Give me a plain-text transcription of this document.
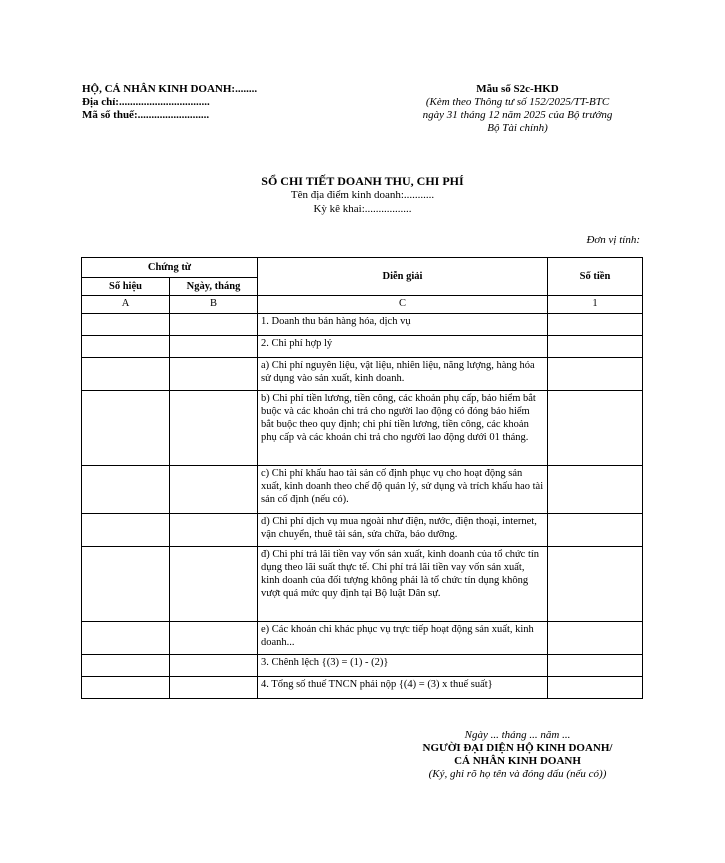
HỘ, CÁ NHÂN KINH DOANH:........
Địa chỉ:.................................
Mã số thuế:..........................
Mẫu số S2c-HKD
(Kèm theo Thông tư số 152/2025/TT-BTC
ngày 31 tháng 12 năm 2025 của Bộ trưởng
Bộ Tài chính)
SỔ CHI TIẾT DOANH THU, CHI PHÍ
Tên địa điểm kinh doanh:...........
Kỳ kê khai:.................
Đơn vị tính:
Chứng từ		Diễn giải	Số tiền
Số hiệu	Ngày, tháng		
A	B	C	1
		1. Doanh thu bán hàng hóa, dịch vụ	
		2. Chi phí hợp lý	
		a) Chi phí nguyên liệu, vật liệu, nhiên liệu, năng lượng, hàng hóa sử dụng vào sản xuất, kinh doanh.	
		b) Chi phí tiền lương, tiền công, các khoản phụ cấp, bảo hiểm bắt buộc và các khoản chi trả cho người lao động có đóng bảo hiểm bắt buộc theo quy định; chi phí tiền lương, tiền công, các khoản phụ cấp và các khoản chi trả cho người lao động dưới 01 tháng.	
		c) Chi phí khấu hao tài sản cố định phục vụ cho hoạt động sản xuất, kinh doanh theo chế độ quản lý, sử dụng và trích khấu hao tài sản cố định (nếu có).	
		d) Chi phí dịch vụ mua ngoài như điện, nước, điện thoại, internet, vận chuyển, thuê tài sản, sửa chữa, bảo dưỡng.	
		đ) Chi phí trả lãi tiền vay vốn sản xuất, kinh doanh của tổ chức tín dụng theo lãi suất thực tế. Chi phí trả lãi tiền vay vốn sản xuất, kinh doanh của đối tượng không phải là tổ chức tín dụng không vượt quá mức quy định tại Bộ luật Dân sự.	
		e) Các khoản chi khác phục vụ trực tiếp hoạt động sản xuất, kinh doanh...	
		3. Chênh lệch {(3) = (1) - (2)}	
		4. Tổng số thuế TNCN phải nộp {(4) = (3) x thuế suất}	
Ngày ... tháng ... năm ...
NGƯỜI ĐẠI DIỆN HỘ KINH DOANH/
CÁ NHÂN KINH DOANH
(Ký, ghi rõ họ tên và đóng dấu (nếu có))
